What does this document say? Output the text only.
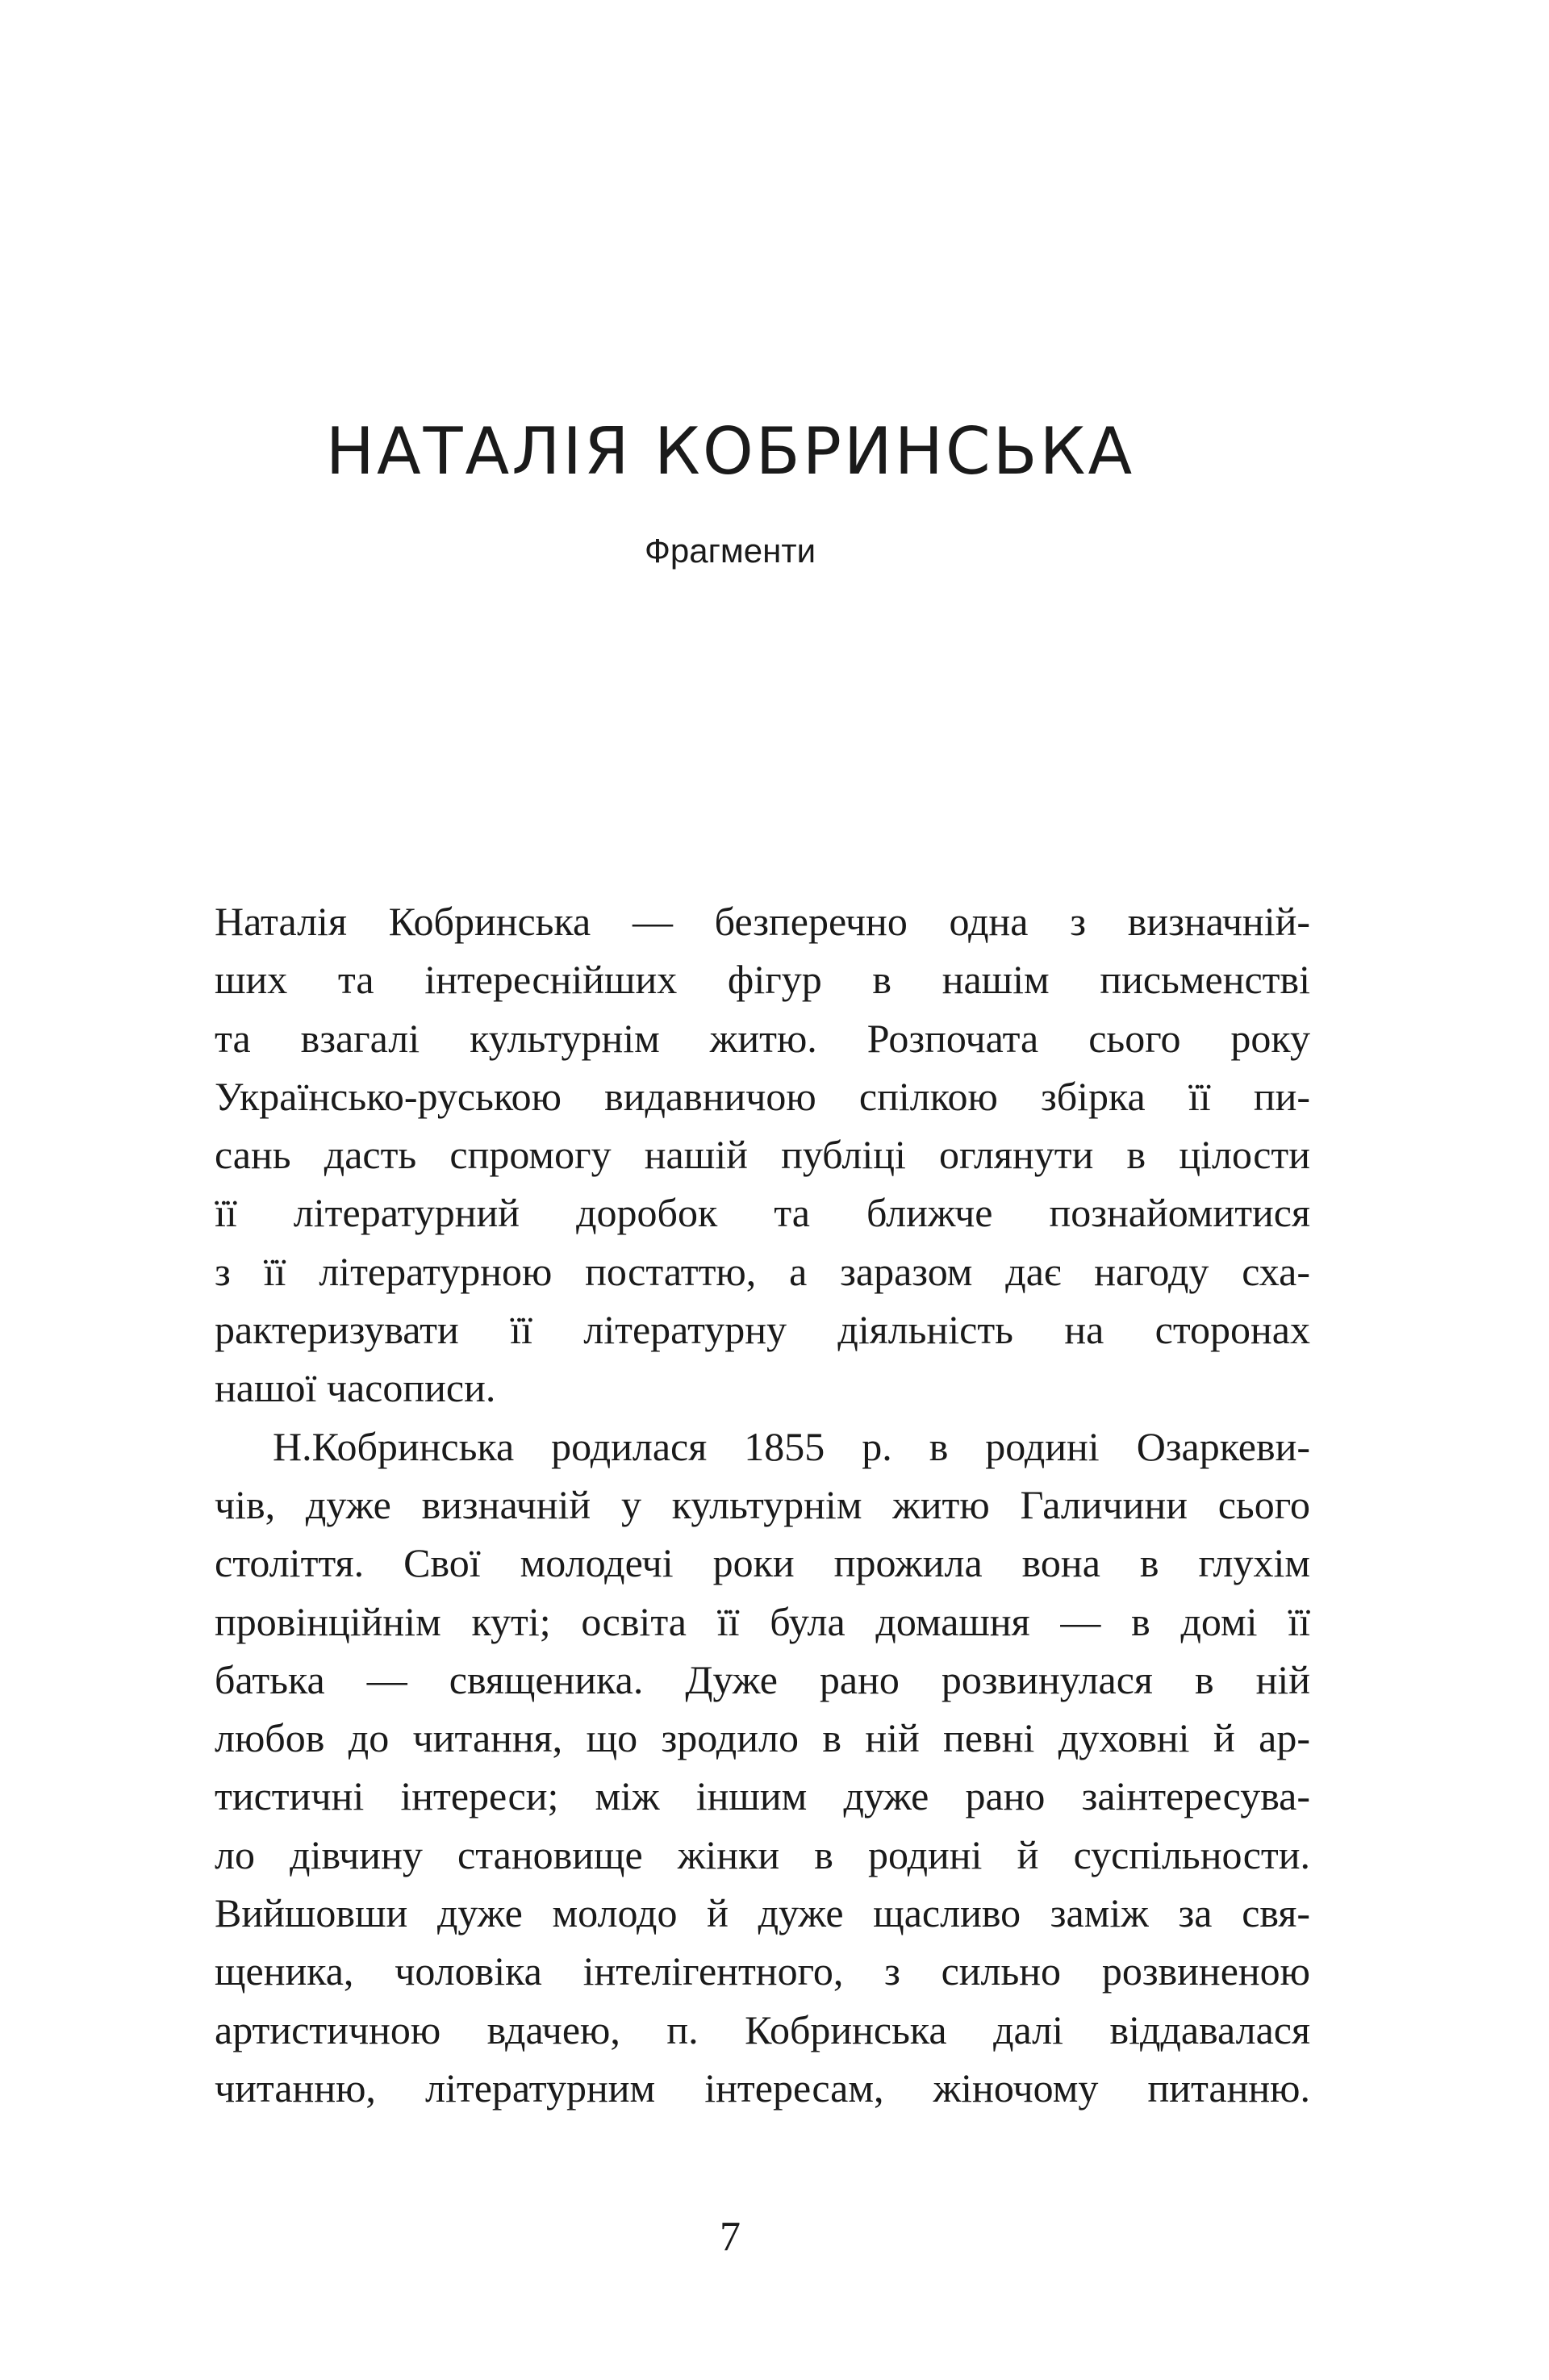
НАТАЛІЯ КОБРИНСЬКА
Фрагменти
Наталія Кобринська — безперечно одна з визначній-
ших та інтереснійших фігур в нашім письменстві
та взагалі культурнім житю. Розпочата сього року
Українсько-руською видавничою спілкою збірка її пи-
сань дасть спромогу нашій публіці оглянути в цілости
її літературний доробок та ближче познайомитися
з її літературною постаттю, а заразом дає нагоду сха-
рактеризувати її літературну діяльність на сторонах
нашої часописи.
Н.Кобринська родилася 1855 р. в родині Озаркеви-
чів, дуже визначній у культурнім житю Галичини сього
століття. Свої молодечі роки прожила вона в глухім
провінційнім куті; освіта її була домашня — в домі її
батька — священика. Дуже рано розвинулася в ній
любов до читання, що зродило в ній певні духовні й ар-
тистичні інтереси; між іншим дуже рано заінтересува-
ло дівчину становище жінки в родині й суспільности.
Вийшовши дуже молодо й дуже щасливо заміж за свя-
щеника, чоловіка інтелігентного, з сильно розвиненою
артистичною вдачею, п. Кобринська далі віддавалася
читанню, літературним інтересам, жіночому питанню.
7
